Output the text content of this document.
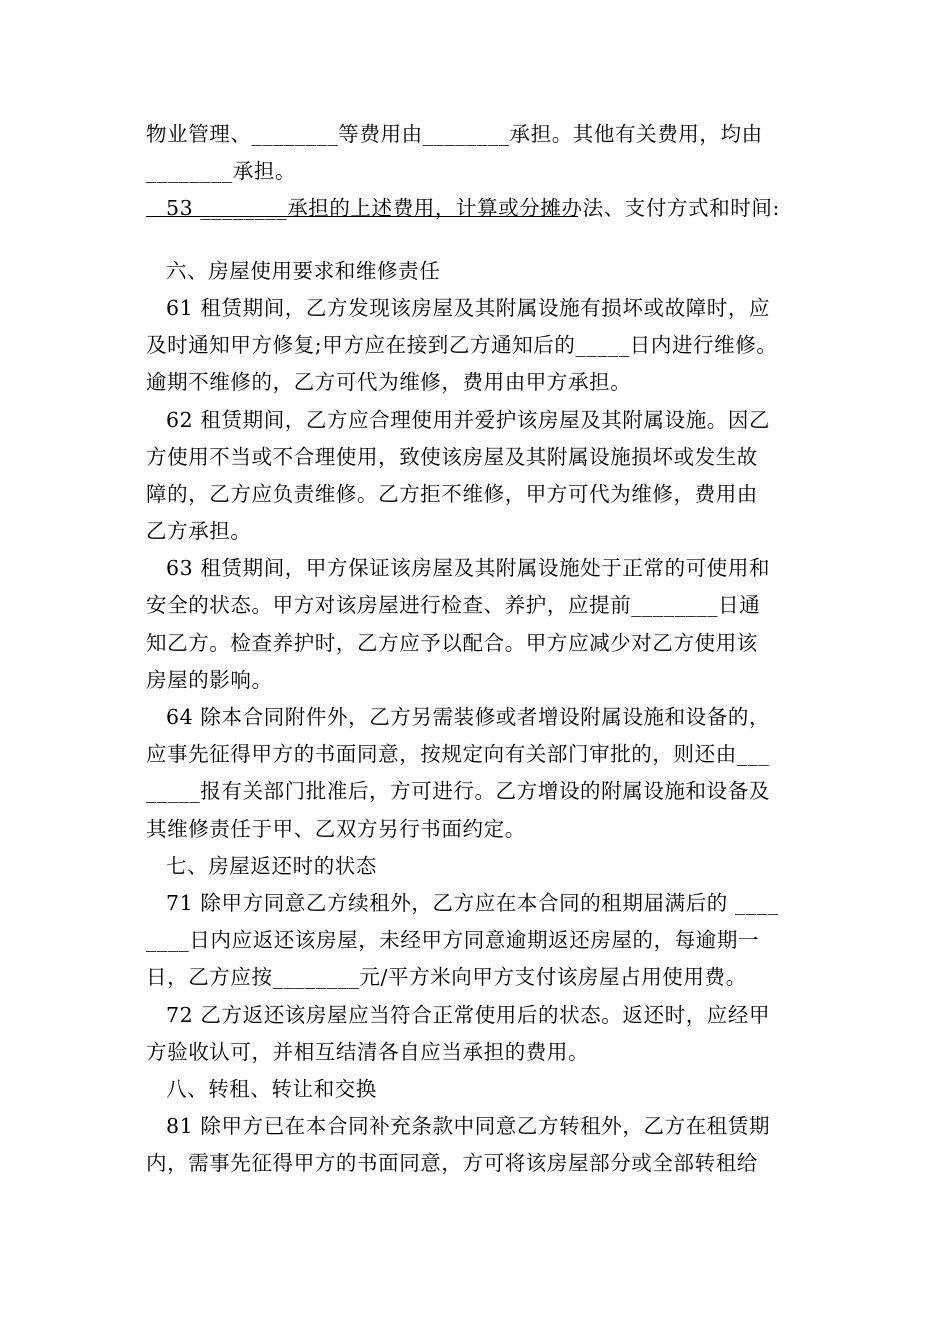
物业管理、________等费用由________承担。其他有关费用，均由
________承担。
53 ________承担的上述费用，计算或分摊办法、支付方式和时间:
六、房屋使用要求和维修责任
61 租赁期间，乙方发现该房屋及其附属设施有损坏或故障时，应
及时通知甲方修复;甲方应在接到乙方通知后的_____日内进行维修。
逾期不维修的，乙方可代为维修，费用由甲方承担。
62 租赁期间，乙方应合理使用并爱护该房屋及其附属设施。因乙
方使用不当或不合理使用，致使该房屋及其附属设施损坏或发生故
障的，乙方应负责维修。乙方拒不维修，甲方可代为维修，费用由
乙方承担。
63 租赁期间，甲方保证该房屋及其附属设施处于正常的可使用和
安全的状态。甲方对该房屋进行检查、养护，应提前________日通
知乙方。检查养护时，乙方应予以配合。甲方应减少对乙方使用该
房屋的影响。
64 除本合同附件外，乙方另需装修或者增设附属设施和设备的，
应事先征得甲方的书面同意，按规定向有关部门审批的，则还由___
_____报有关部门批准后，方可进行。乙方增设的附属设施和设备及
其维修责任于甲、乙双方另行书面约定。
七、房屋返还时的状态
71 除甲方同意乙方续租外，乙方应在本合同的租期届满后的 ____
____日内应返还该房屋，未经甲方同意逾期返还房屋的，每逾期一
日，乙方应按________元/平方米向甲方支付该房屋占用使用费。
72 乙方返还该房屋应当符合正常使用后的状态。返还时，应经甲
方验收认可，并相互结清各自应当承担的费用。
八、转租、转让和交换
81 除甲方已在本合同补充条款中同意乙方转租外，乙方在租赁期
内，需事先征得甲方的书面同意，方可将该房屋部分或全部转租给
